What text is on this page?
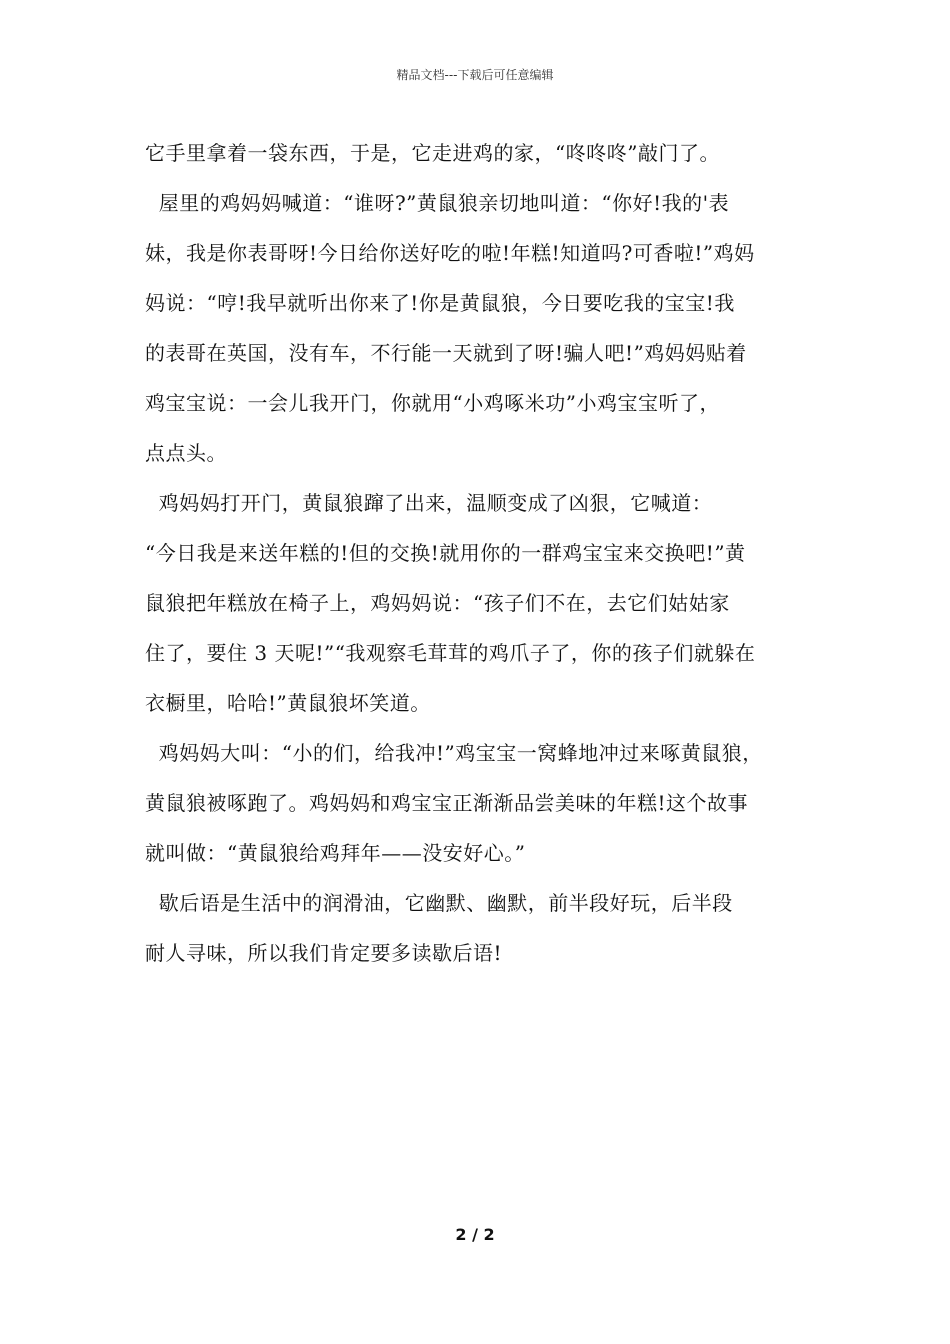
精品文档---下载后可任意编辑
它手里拿着一袋东西，于是，它走进鸡的家，“咚咚咚”敲门了。
屋里的鸡妈妈喊道：“谁呀?”黄鼠狼亲切地叫道：“你好!我的'表
妹，我是你表哥呀!今日给你送好吃的啦!年糕!知道吗?可香啦!”鸡妈
妈说：“哼!我早就听出你来了!你是黄鼠狼，今日要吃我的宝宝!我
的表哥在英国，没有车，不行能一天就到了呀!骗人吧!”鸡妈妈贴着
鸡宝宝说：一会儿我开门，你就用“小鸡啄米功”小鸡宝宝听了，
点点头。
鸡妈妈打开门，黄鼠狼蹿了出来，温顺变成了凶狠，它喊道：
“今日我是来送年糕的!但的交换!就用你的一群鸡宝宝来交换吧!”黄
鼠狼把年糕放在椅子上，鸡妈妈说：“孩子们不在，去它们姑姑家
住了，要住 3 天呢!”“我观察毛茸茸的鸡爪子了，你的孩子们就躲在
衣橱里，哈哈!”黄鼠狼坏笑道。
鸡妈妈大叫：“小的们，给我冲!”鸡宝宝一窝蜂地冲过来啄黄鼠狼，
黄鼠狼被啄跑了。鸡妈妈和鸡宝宝正渐渐品尝美味的年糕!这个故事
就叫做：“黄鼠狼给鸡拜年——没安好心。”
歇后语是生活中的润滑油，它幽默、幽默，前半段好玩，后半段
耐人寻味，所以我们肯定要多读歇后语!
2 / 2
